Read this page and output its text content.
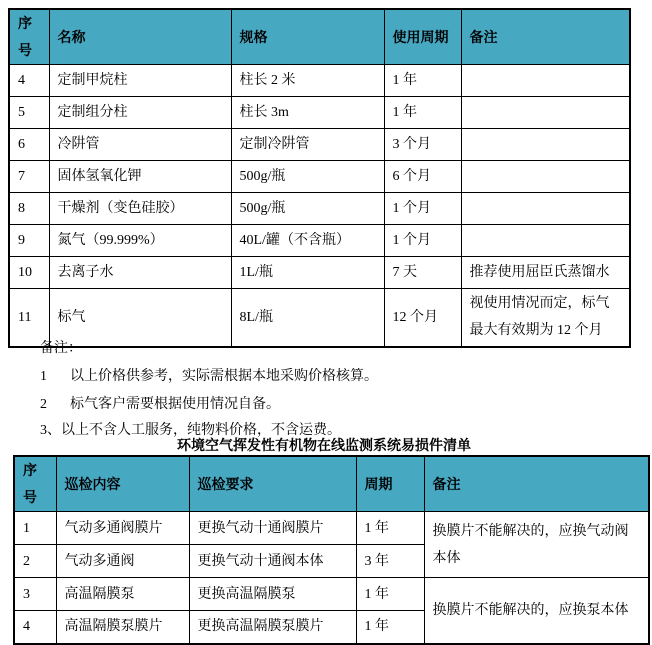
序号	名称	规格	使用周期	备注
4	定制甲烷柱	柱长 2 米	1 年	
5	定制组分柱	柱长 3m	1 年	
6	冷阱管	定制冷阱管	3 个月	
7	固体氢氧化钾	500g/瓶	6 个月	
8	干燥剂（变色硅胶）	500g/瓶	1 个月	
9	氮气（99.999%）	40L/罐（不含瓶）	1 个月	
10	去离子水	1L/瓶	7 天	推荐使用屈臣氏蒸馏水
11	标气	8L/瓶	12 个月	视使用情况而定，标气最大有效期为 12 个月
备注：
1 以上价格供参考，实际需根据本地采购价格核算。
2 标气客户需要根据使用情况自备。
3、以上不含人工服务，纯物料价格，不含运费。
环境空气挥发性有机物在线监测系统易损件清单
序号	巡检内容	巡检要求	周期	备注
1	气动多通阀膜片	更换气动十通阀膜片	1 年	换膜片不能解决的，应换气动阀本体
2	气动多通阀	更换气动十通阀本体	3 年	
3	高温隔膜泵	更换高温隔膜泵	1 年	换膜片不能解决的，应换泵本体
4	高温隔膜泵膜片	更换高温隔膜泵膜片	1 年	
